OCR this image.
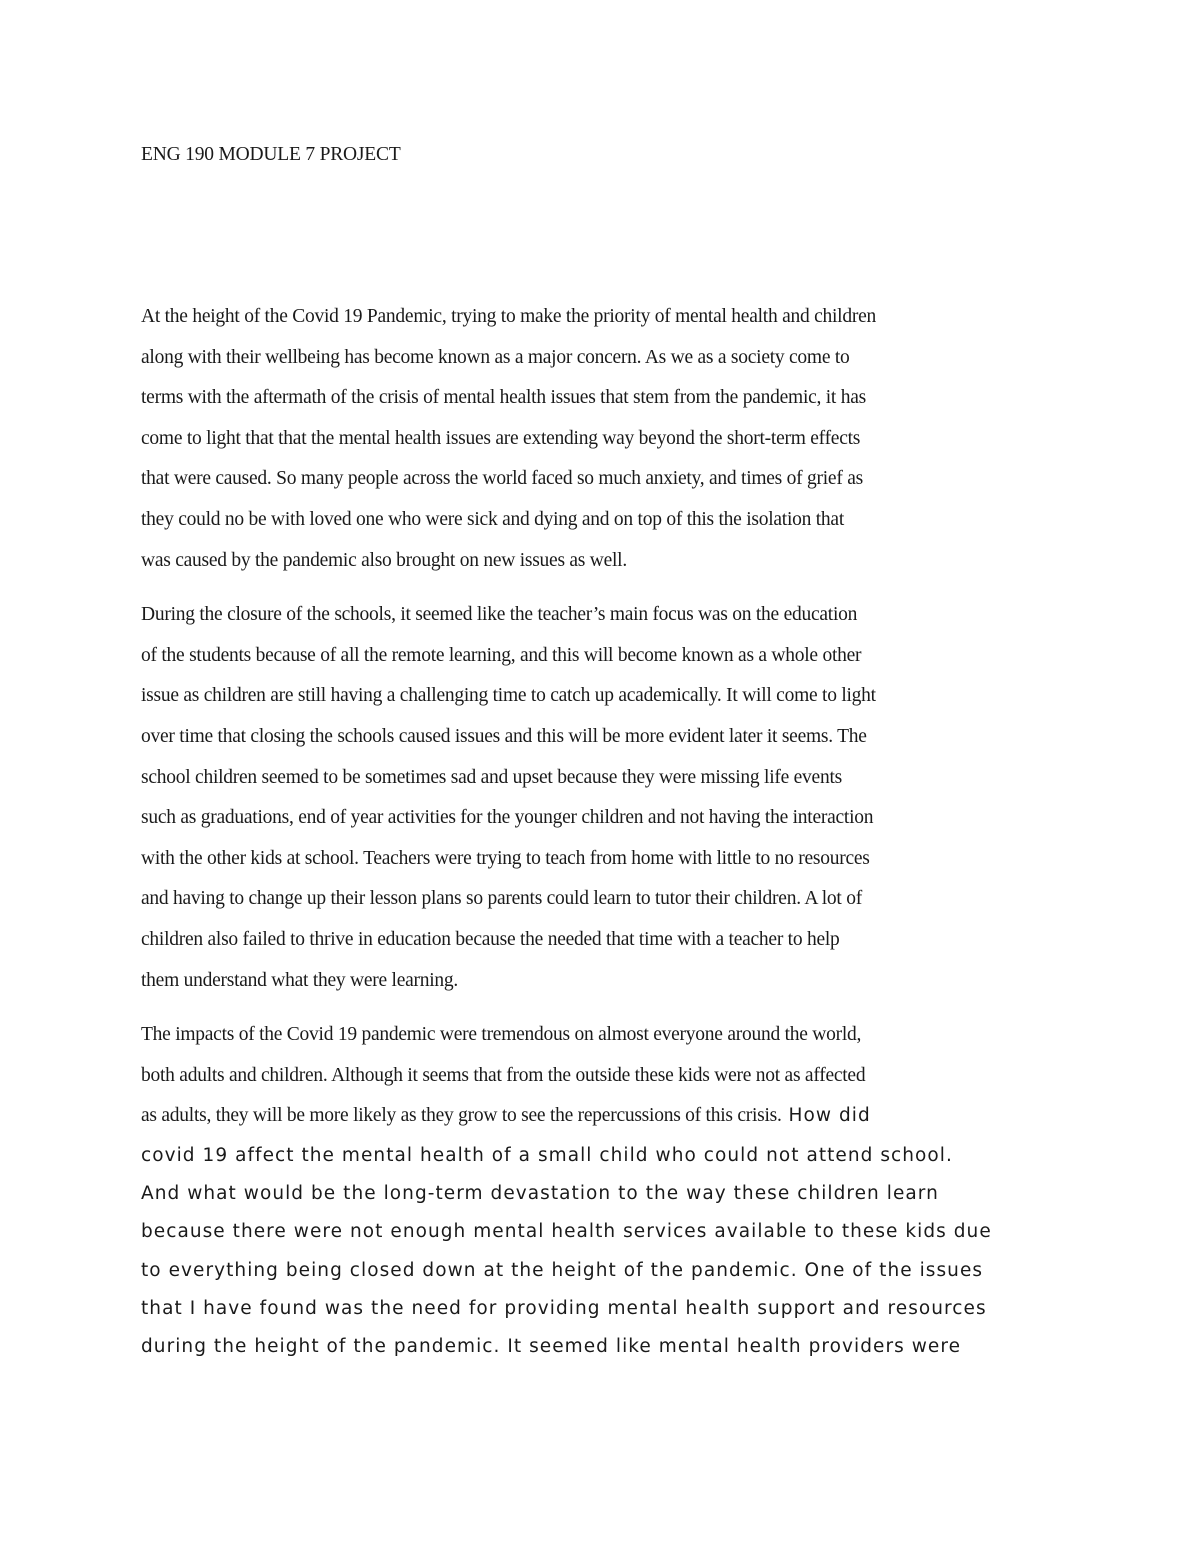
ENG 190 MODULE 7 PROJECT

At the height of the Covid 19 Pandemic, trying to make the priority of mental health and children
along with their wellbeing has become known as a major concern. As we as a society come to
terms with the aftermath of the crisis of mental health issues that stem from the pandemic, it has
come to light that that the mental health issues are extending way beyond the short-term effects
that were caused. So many people across the world faced so much anxiety, and times of grief as
they could no be with loved one who were sick and dying and on top of this the isolation that
was caused by the pandemic also brought on new issues as well.

During the closure of the schools, it seemed like the teacher’s main focus was on the education
of the students because of all the remote learning, and this will become known as a whole other
issue as children are still having a challenging time to catch up academically. It will come to light
over time that closing the schools caused issues and this will be more evident later it seems. The
school children seemed to be sometimes sad and upset because they were missing life events
such as graduations, end of year activities for the younger children and not having the interaction
with the other kids at school. Teachers were trying to teach from home with little to no resources
and having to change up their lesson plans so parents could learn to tutor their children. A lot of
children also failed to thrive in education because the needed that time with a teacher to help
them understand what they were learning.

The impacts of the Covid 19 pandemic were tremendous on almost everyone around the world,
both adults and children. Although it seems that from the outside these kids were not as affected
as adults, they will be more likely as they grow to see the repercussions of this crisis. How did
covid 19 affect the mental health of a small child who could not attend school.
And what would be the long-term devastation to the way these children learn
because there were not enough mental health services available to these kids due
to everything being closed down at the height of the pandemic. One of the issues
that I have found was the need for providing mental health support and resources
during the height of the pandemic. It seemed like mental health providers were
